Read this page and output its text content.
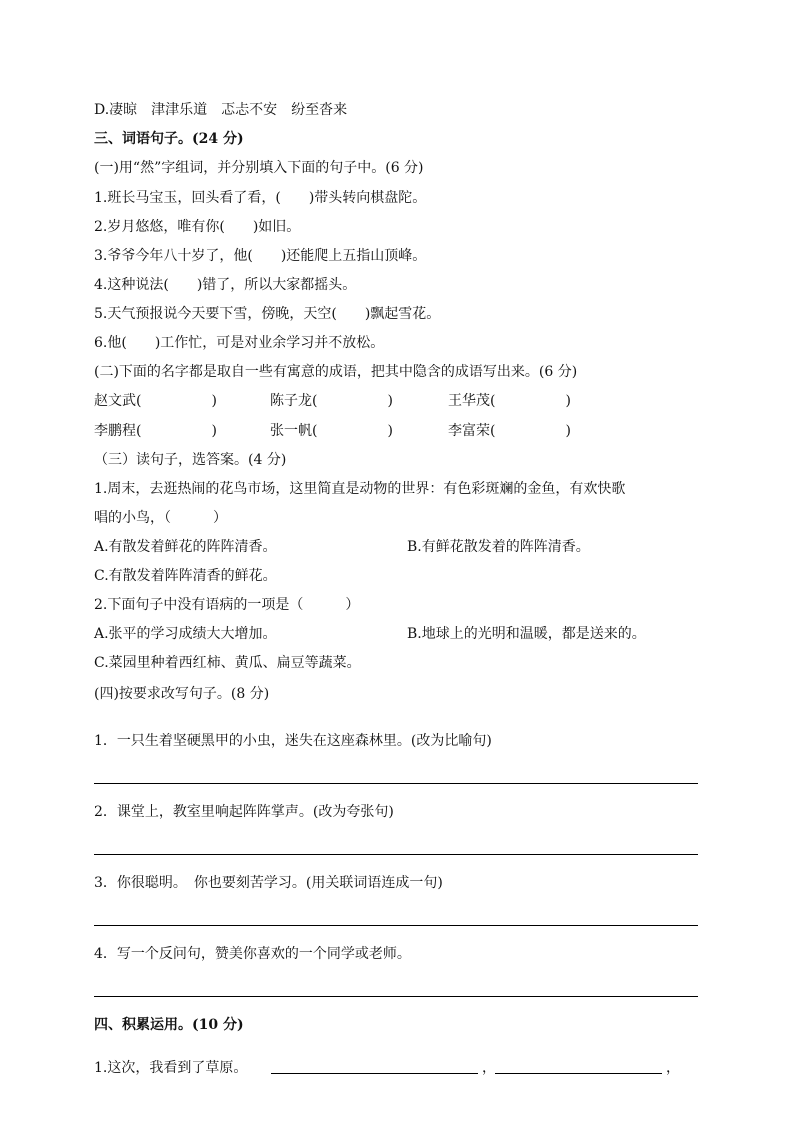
D.凄晾　津津乐道　忑忐不安　纷至沓来
三、词语句子。(24 分)
(一)用“然”字组词，并分别填入下面的句子中。(6 分)
1.班长马宝玉，回头看了看，(　　)带头转向棋盘陀。
2.岁月悠悠，唯有你(　　)如旧。
3.爷爷今年八十岁了，他(　　)还能爬上五指山顶峰。
4.这种说法(　　)错了，所以大家都摇头。
5.天气预报说今天要下雪，傍晚，天空(　　)飘起雪花。
6.他(　　)工作忙，可是对业余学习并不放松。
(二)下面的名字都是取自一些有寓意的成语，把其中隐含的成语写出来。(6 分)
赵文武(　　　　　)	陈子龙(　　　　　)	王华茂(　　　　　)
李鹏程(　　　　　)	张一帆(　　　　　)	李富荣(　　　　　)
（三）读句子，选答案。(4 分)
1.周末，去逛热闹的花鸟市场，这里简直是动物的世界：有色彩斑斓的金鱼，有欢快歌
唱的小鸟，（　　　）
A.有散发着鲜花的阵阵清香。	B.有鲜花散发着的阵阵清香。
C.有散发着阵阵清香的鲜花。
2.下面句子中没有语病的一项是（　　　）
A.张平的学习成绩大大增加。	B.地球上的光明和温暖，都是送来的。
C.菜园里种着西红柿、黄瓜、扁豆等蔬菜。
(四)按要求改写句子。(8 分)
1．一只生着坚硬黑甲的小虫，迷失在这座森林里。(改为比喻句)
2．课堂上，教室里响起阵阵掌声。(改为夸张句)
3．你很聪明。　你也要刻苦学习。(用关联词语连成一句)
4．写一个反问句，赞美你喜欢的一个同学或老师。
四、积累运用。(10 分)
1.这次，我看到了草原。	，	，
